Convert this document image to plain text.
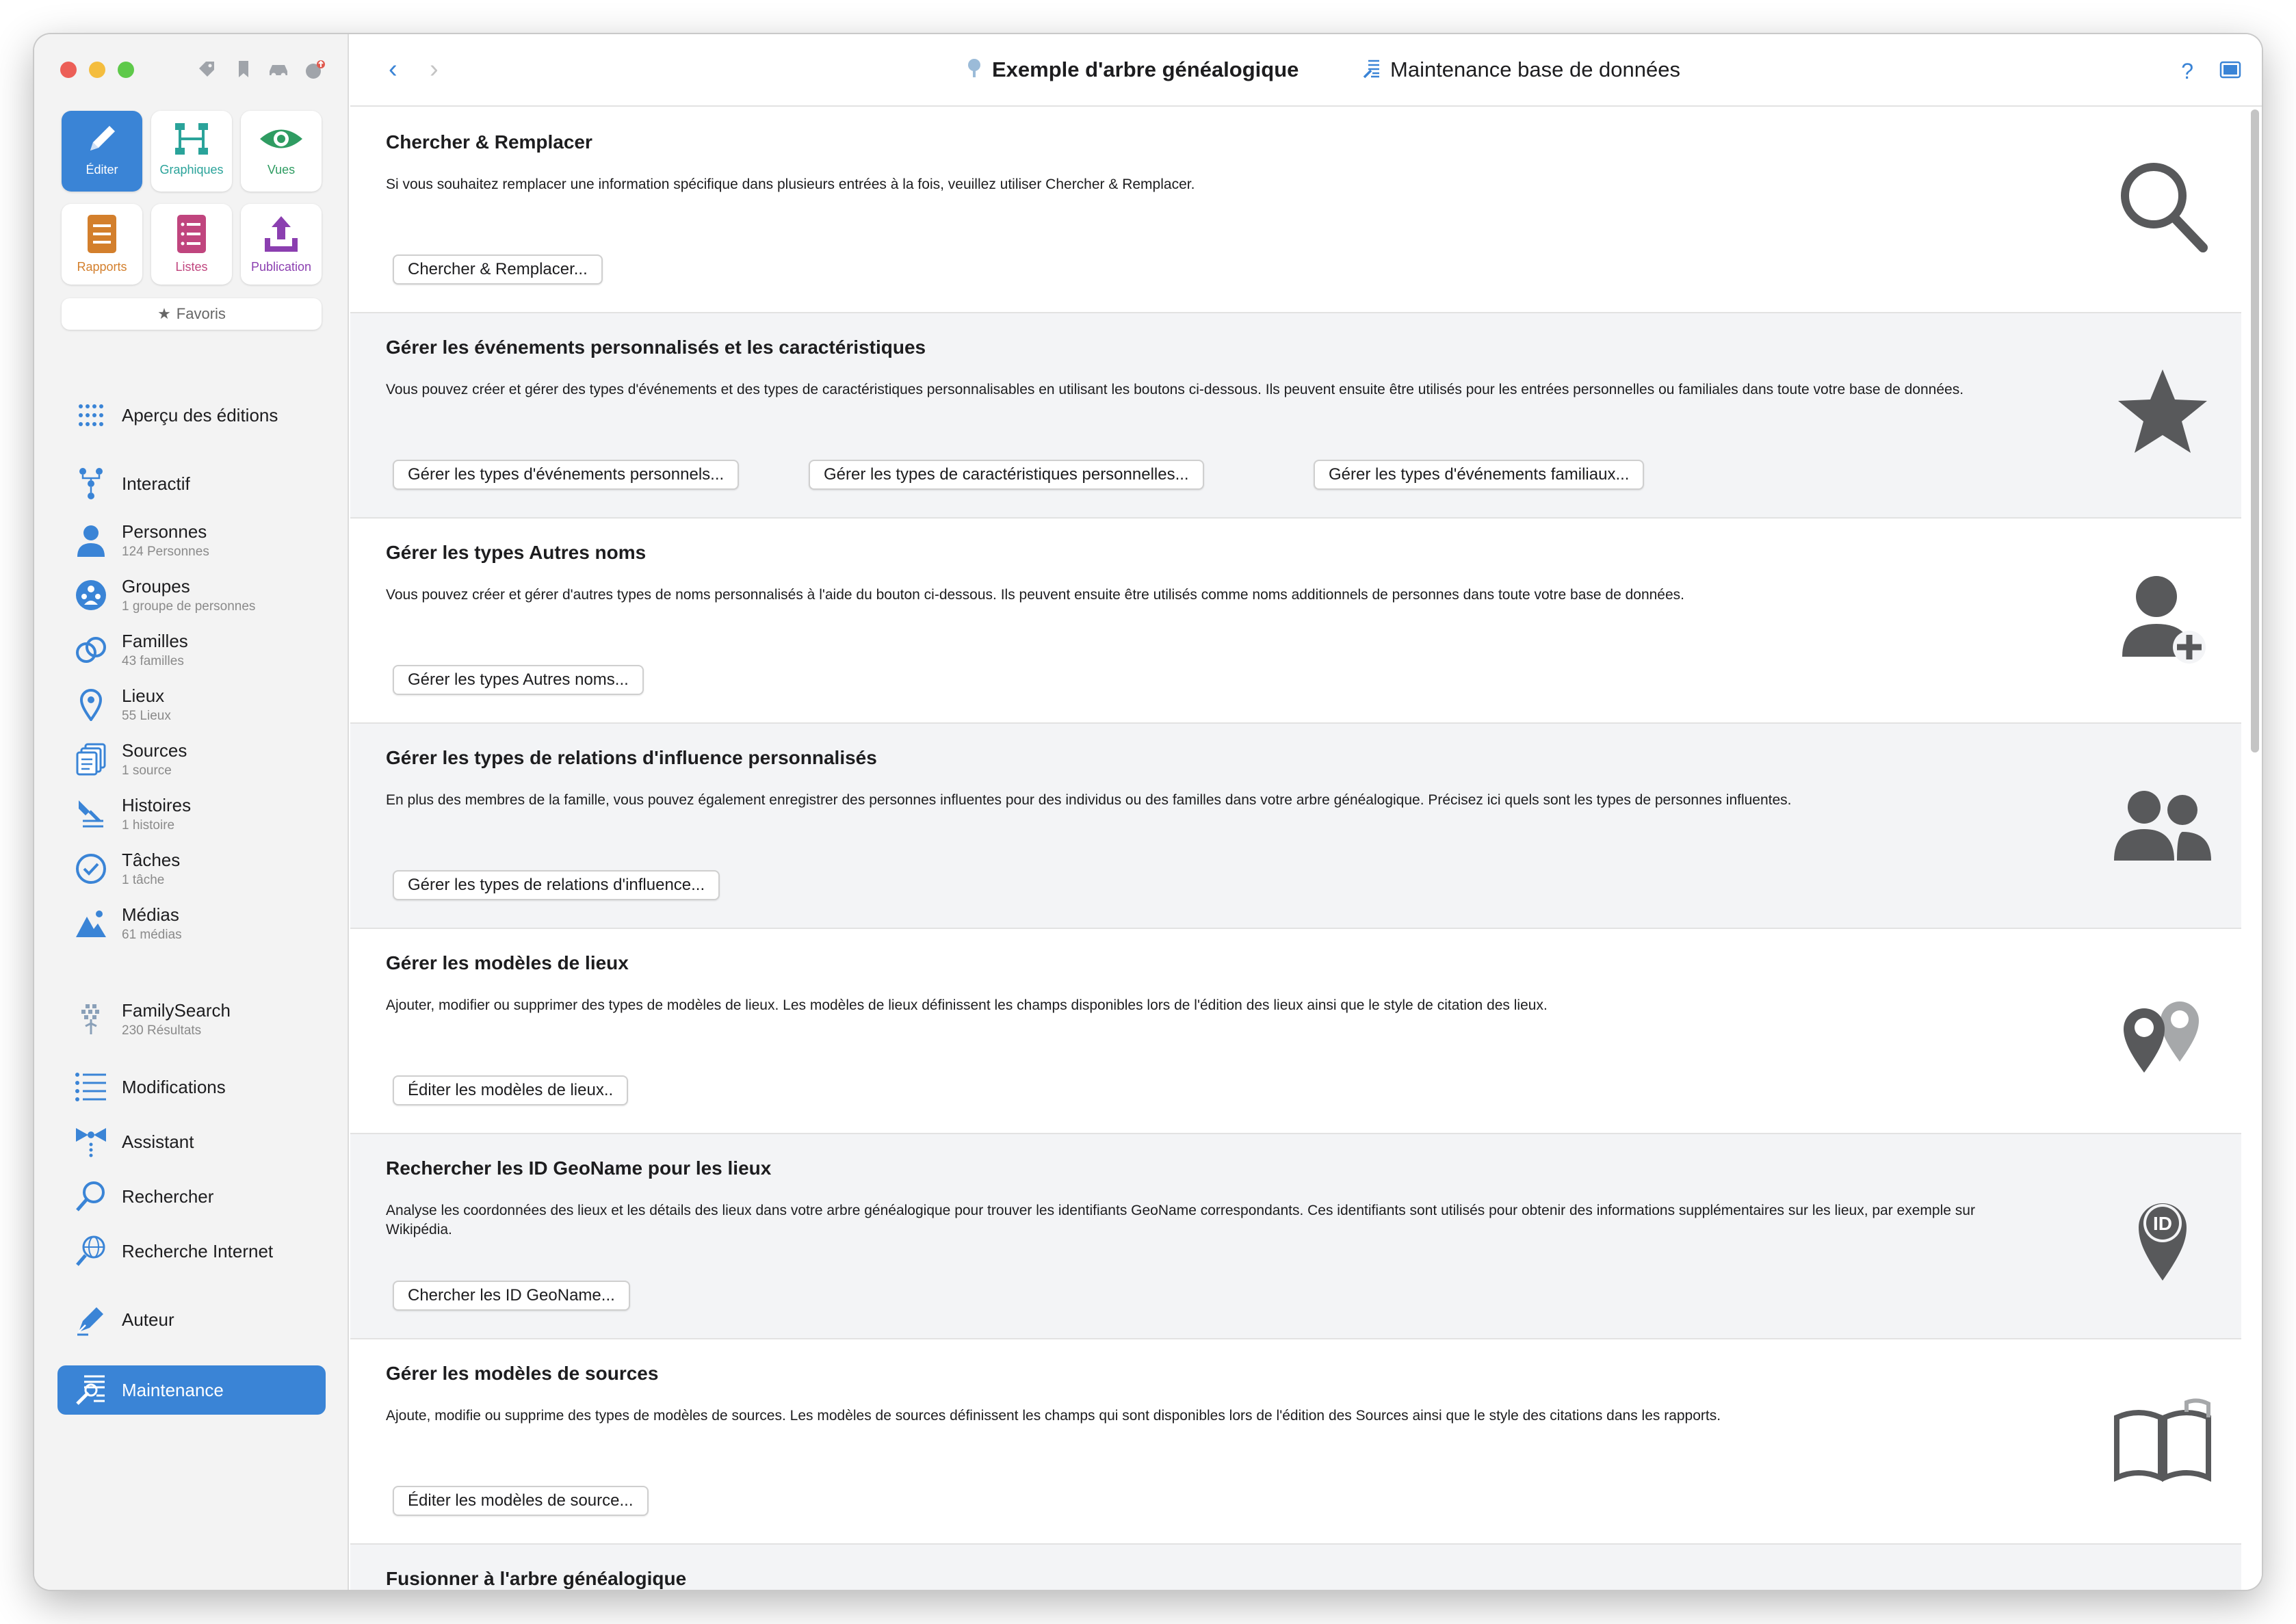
Éditer	Graphiques	Vues
Rapports	Listes	Publication
★ Favoris
Aperçu des éditions
Interactif
Personnes
124 Personnes
Groupes
1 groupe de personnes
Familles
43 familles
Lieux
55 Lieux
Sources
1 source
Histoires
1 histoire
Tâches
1 tâche
Médias
61 médias
FamilySearch
230 Résultats
Modifications
Assistant
Rechercher
Recherche Internet
Auteur
Maintenance
‹ ›	Exemple d'arbre généalogique	Maintenance base de données	?
Chercher & Remplacer
Si vous souhaitez remplacer une information spécifique dans plusieurs entrées à la fois, veuillez utiliser Chercher & Remplacer.
Chercher & Remplacer...
Gérer les événements personnalisés et les caractéristiques
Vous pouvez créer et gérer des types d'événements et des types de caractéristiques personnalisables en utilisant les boutons ci-dessous. Ils peuvent ensuite être utilisés pour les entrées personnelles ou familiales dans toute votre base de données.
Gérer les types d'événements personnels...	Gérer les types de caractéristiques personnelles...	Gérer les types d'événements familiaux...
Gérer les types Autres noms
Vous pouvez créer et gérer d'autres types de noms personnalisés à l'aide du bouton ci-dessous. Ils peuvent ensuite être utilisés comme noms additionnels de personnes dans toute votre base de données.
Gérer les types Autres noms...
Gérer les types de relations d'influence personnalisés
En plus des membres de la famille, vous pouvez également enregistrer des personnes influentes pour des individus ou des familles dans votre arbre généalogique. Précisez ici quels sont les types de personnes influentes.
Gérer les types de relations d'influence...
Gérer les modèles de lieux
Ajouter, modifier ou supprimer des types de modèles de lieux. Les modèles de lieux définissent les champs disponibles lors de l'édition des lieux ainsi que le style de citation des lieux.
Éditer les modèles de lieux..
Rechercher les ID GeoName pour les lieux
Analyse les coordonnées des lieux et les détails des lieux dans votre arbre généalogique pour trouver les identifiants GeoName correspondants. Ces identifiants sont utilisés pour obtenir des informations supplémentaires sur les lieux, par exemple sur Wikipédia.
Chercher les ID GeoName...
ID
Gérer les modèles de sources
Ajoute, modifie ou supprime des types de modèles de sources. Les modèles de sources définissent les champs qui sont disponibles lors de l'édition des Sources ainsi que le style des citations dans les rapports.
Éditer les modèles de source...
Fusionner à l'arbre généalogique
